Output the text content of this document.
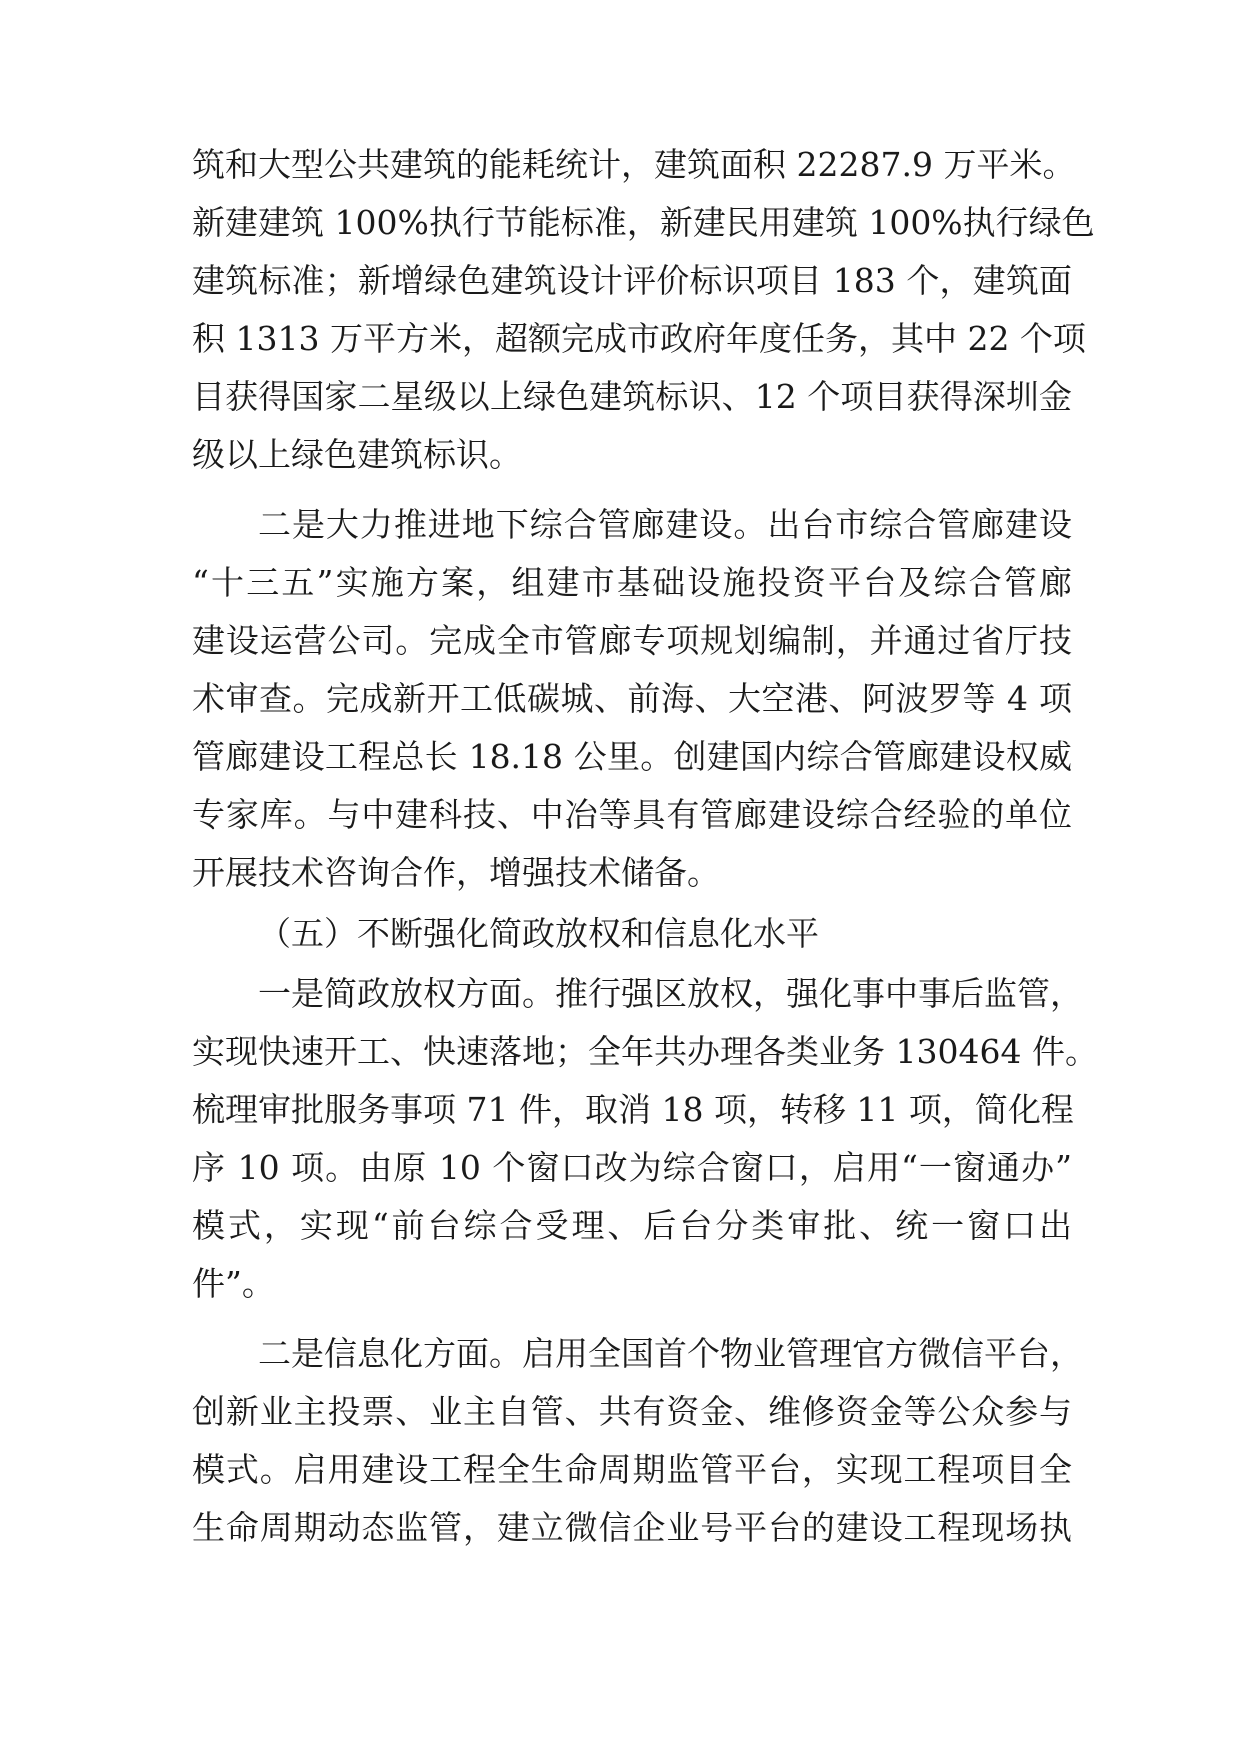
筑和大型公共建筑的能耗统计，建筑面积 22287.9 万平米。
新建建筑 100%执行节能标准，新建民用建筑 100%执行绿色
建筑标准；新增绿色建筑设计评价标识项目 183 个，建筑面
积 1313 万平方米，超额完成市政府年度任务，其中 22 个项
目获得国家二星级以上绿色建筑标识、12 个项目获得深圳金
级以上绿色建筑标识。
二是大力推进地下综合管廊建设。出台市综合管廊建设
“十三五”实施方案，组建市基础设施投资平台及综合管廊
建设运营公司。完成全市管廊专项规划编制，并通过省厅技
术审查。完成新开工低碳城、前海、大空港、阿波罗等 4 项
管廊建设工程总长 18.18 公里。创建国内综合管廊建设权威
专家库。与中建科技、中冶等具有管廊建设综合经验的单位
开展技术咨询合作，增强技术储备。
（五）不断强化简政放权和信息化水平
一是简政放权方面。推行强区放权，强化事中事后监管，
实现快速开工、快速落地；全年共办理各类业务 130464 件。
梳理审批服务事项 71 件，取消 18 项，转移 11 项，简化程
序 10 项。由原 10 个窗口改为综合窗口，启用“一窗通办”
模式，实现“前台综合受理、后台分类审批、统一窗口出
件”。
二是信息化方面。启用全国首个物业管理官方微信平台，
创新业主投票、业主自管、共有资金、维修资金等公众参与
模式。启用建设工程全生命周期监管平台，实现工程项目全
生命周期动态监管，建立微信企业号平台的建设工程现场执
